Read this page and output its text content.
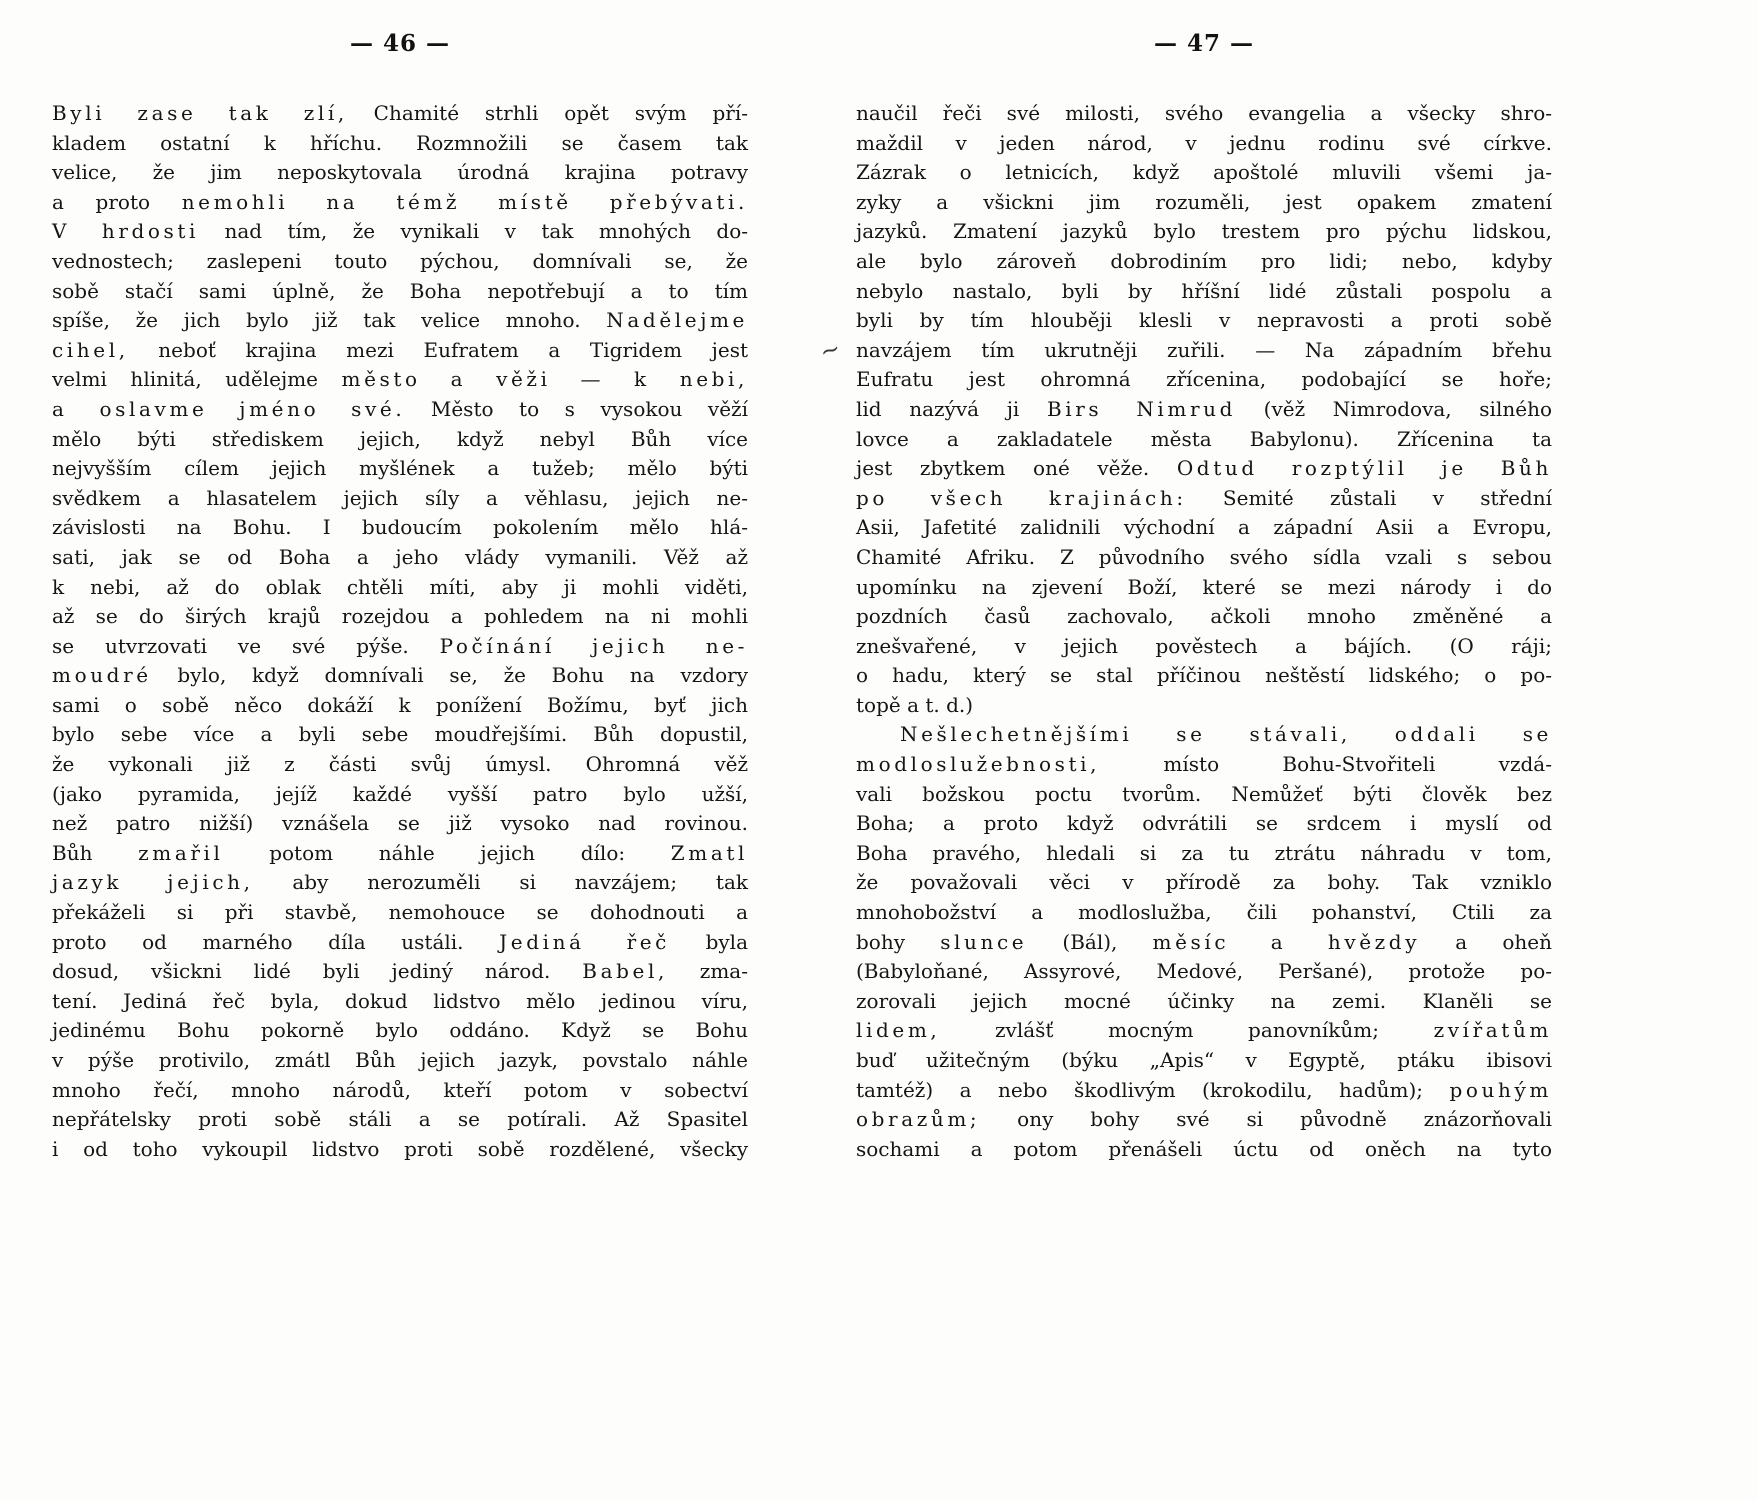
— 46 —
Byli zase tak zlí, Chamité strhli opět svým pří-
kladem ostatní k hříchu. Rozmnožili se časem tak
velice, že jim neposkytovala úrodná krajina potravy
a proto nemohli na témž místě přebývati.
V hrdosti nad tím, že vynikali v tak mnohých do-
vednostech; zaslepeni touto pýchou, domnívali se, že
sobě stačí sami úplně, že Boha nepotřebují a to tím
spíše, že jich bylo již tak velice mnoho. Nadělejme
cihel, neboť krajina mezi Eufratem a Tigridem jest
velmi hlinitá, udělejme město a věži — k nebi,
a oslavme jméno své. Město to s vysokou věží
mělo býti střediskem jejich, když nebyl Bůh více
nejvyšším cílem jejich myšlének a tužeb; mělo býti
svědkem a hlasatelem jejich síly a věhlasu, jejich ne-
závislosti na Bohu. I budoucím pokolením mělo hlá-
sati, jak se od Boha a jeho vlády vymanili. Věž až
k nebi, až do oblak chtěli míti, aby ji mohli viděti,
až se do širých krajů rozejdou a pohledem na ni mohli
se utvrzovati ve své pýše. Počínání jejich ne-
moudré bylo, když domnívali se, že Bohu na vzdory
sami o sobě něco dokáží k ponížení Božímu, byť jich
bylo sebe více a byli sebe moudřejšími. Bůh dopustil,
že vykonali již z části svůj úmysl. Ohromná věž
(jako pyramida, jejíž každé vyšší patro bylo užší,
než patro nižší) vznášela se již vysoko nad rovinou.
Bůh zmařil potom náhle jejich dílo: Zmatl
jazyk jejich, aby nerozuměli si navzájem; tak
překáželi si při stavbě, nemohouce se dohodnouti a
proto od marného díla ustáli. Jediná řeč byla
dosud, všickni lidé byli jediný národ. Babel, zma-
tení. Jediná řeč byla, dokud lidstvo mělo jedinou víru,
jedinému Bohu pokorně bylo oddáno. Když se Bohu
v pýše protivilo, zmátl Bůh jejich jazyk, povstalo náhle
mnoho řečí, mnoho národů, kteří potom v sobectví
nepřátelsky proti sobě stáli a se potírali. Až Spasitel
i od toho vykoupil lidstvo proti sobě rozdělené, všecky
— 47 —
naučil řeči své milosti, svého evangelia a všecky shro-
maždil v jeden národ, v jednu rodinu své církve.
Zázrak o letnicích, když apoštolé mluvili všemi ja-
zyky a všickni jim rozuměli, jest opakem zmatení
jazyků. Zmatení jazyků bylo trestem pro pýchu lidskou,
ale bylo zároveň dobrodiním pro lidi; nebo, kdyby
nebylo nastalo, byli by hříšní lidé zůstali pospolu a
byli by tím hlouběji klesli v nepravosti a proti sobě
navzájem tím ukrutněji zuřili. — Na západním břehu
Eufratu jest ohromná zřícenina, podobající se hoře;
lid nazývá ji Birs Nimrud (věž Nimrodova, silného
lovce a zakladatele města Babylonu). Zřícenina ta
jest zbytkem oné věže. Odtud rozptýlil je Bůh
po všech krajinách: Semité zůstali v střední
Asii, Jafetité zalidnili východní a západní Asii a Evropu,
Chamité Afriku. Z původního svého sídla vzali s sebou
upomínku na zjevení Boží, které se mezi národy i do
pozdních časů zachovalo, ačkoli mnoho změněné a
znešvařené, v jejich pověstech a bájích. (O ráji;
o hadu, který se stal příčinou neštěstí lidského; o po-
topě a t. d.)
Nešlechetnějšími se stávali, oddali se
modloslužebnosti, místo Bohu-Stvořiteli vzdá-
vali božskou poctu tvorům. Nemůžeť býti člověk bez
Boha; a proto když odvrátili se srdcem i myslí od
Boha pravého, hledali si za tu ztrátu náhradu v tom,
že považovali věci v přírodě za bohy. Tak vzniklo
mnohobožství a modloslužba, čili pohanství, Ctili za
bohy slunce (Bál), měsíc a hvězdy a oheň
(Babyloňané, Assyrové, Medové, Peršané), protože po-
zorovali jejich mocné účinky na zemi. Klaněli se
lidem, zvlášť mocným panovníkům; zvířatům
buď užitečným (býku „Apis“ v Egyptě, ptáku ibisovi
tamtéž) a nebo škodlivým (krokodilu, hadům); pouhým
obrazům; ony bohy své si původně znázorňovali
sochami a potom přenášeli úctu od oněch na tyto
~
